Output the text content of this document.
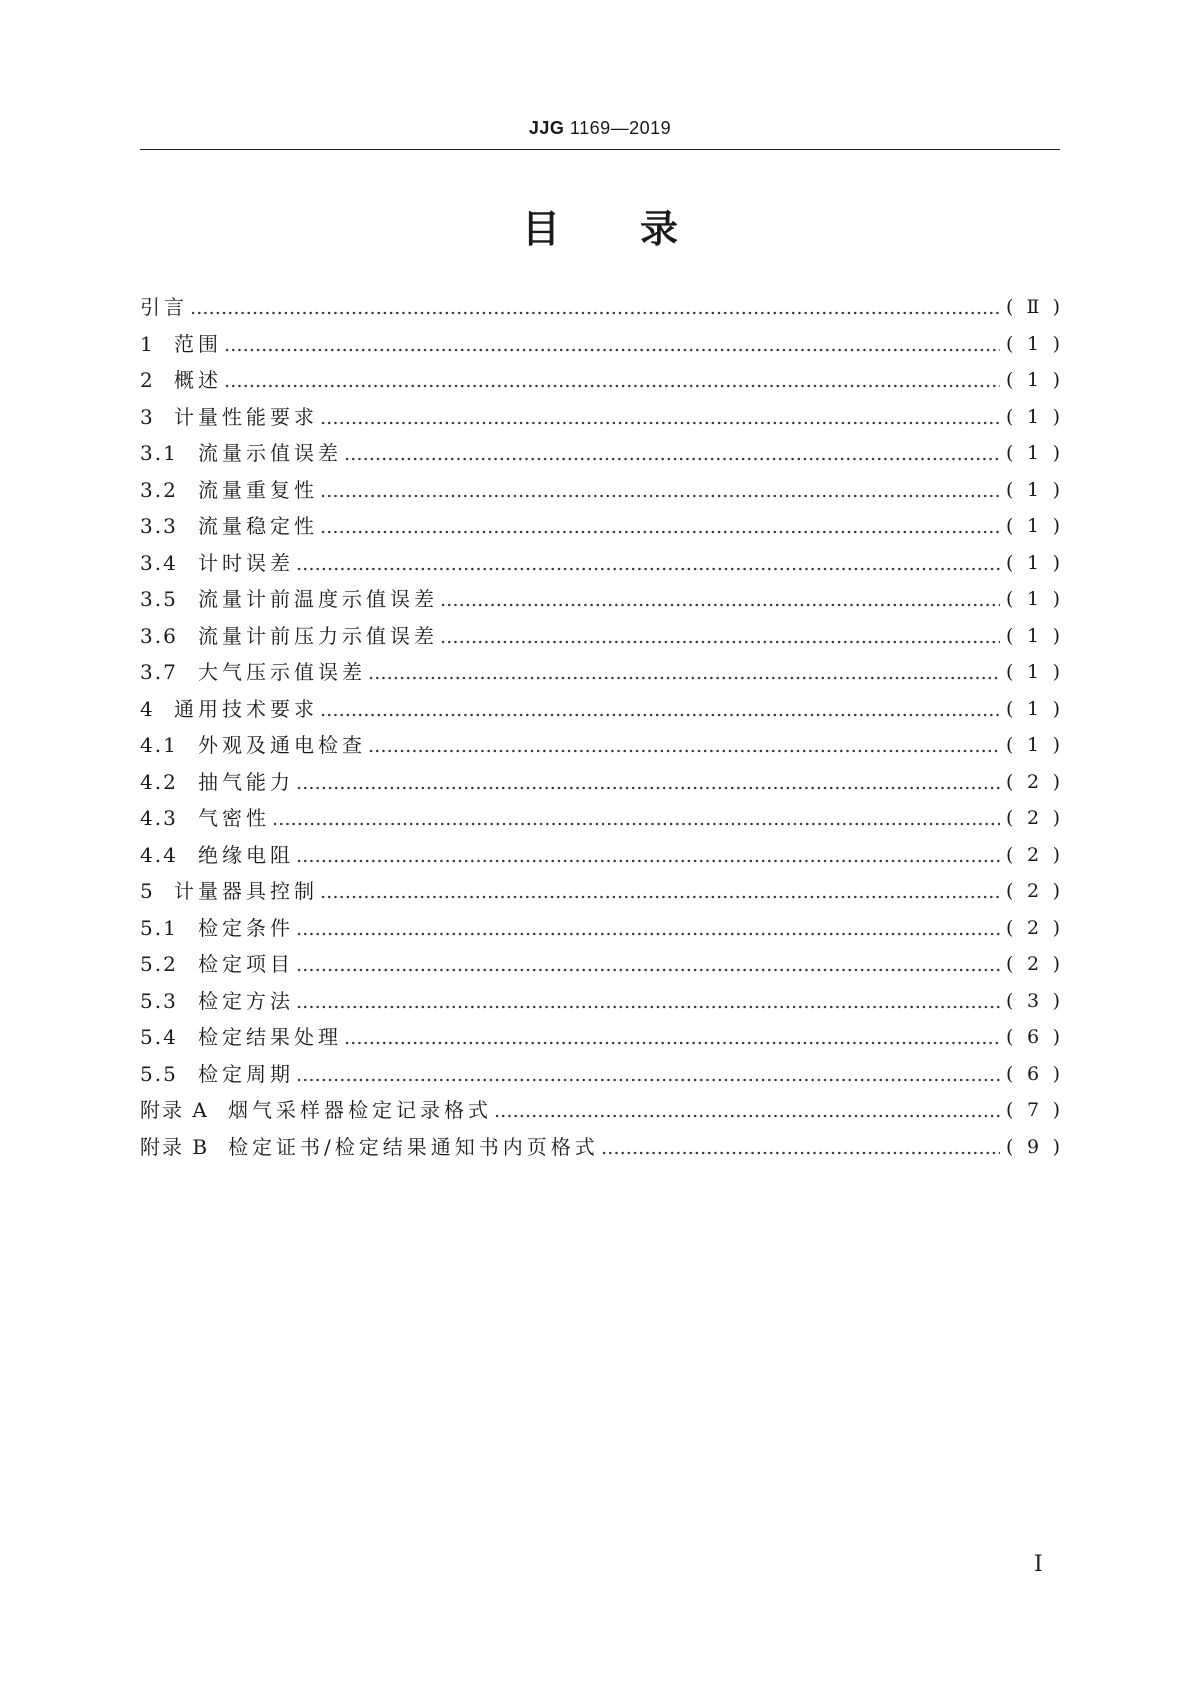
JJG 1169—2019
目录
引言	( Ⅱ )
1 范围	( 1 )
2 概述	( 1 )
3 计量性能要求	( 1 )
3.1	流量示值误差	( 1 )
3.2	流量重复性	( 1 )
3.3	流量稳定性	( 1 )
3.4	计时误差	( 1 )
3.5	流量计前温度示值误差	( 1 )
3.6	流量计前压力示值误差	( 1 )
3.7	大气压示值误差	( 1 )
4 通用技术要求	( 1 )
4.1	外观及通电检查	( 1 )
4.2	抽气能力	( 2 )
4.3	气密性	( 2 )
4.4	绝缘电阻	( 2 )
5 计量器具控制	( 2 )
5.1	检定条件	( 2 )
5.2	检定项目	( 2 )
5.3	检定方法	( 3 )
5.4	检定结果处理	( 6 )
5.5	检定周期	( 6 )
附录 A 烟气采样器检定记录格式	( 7 )
附录 B 检定证书/检定结果通知书内页格式	( 9 )
Ⅰ
